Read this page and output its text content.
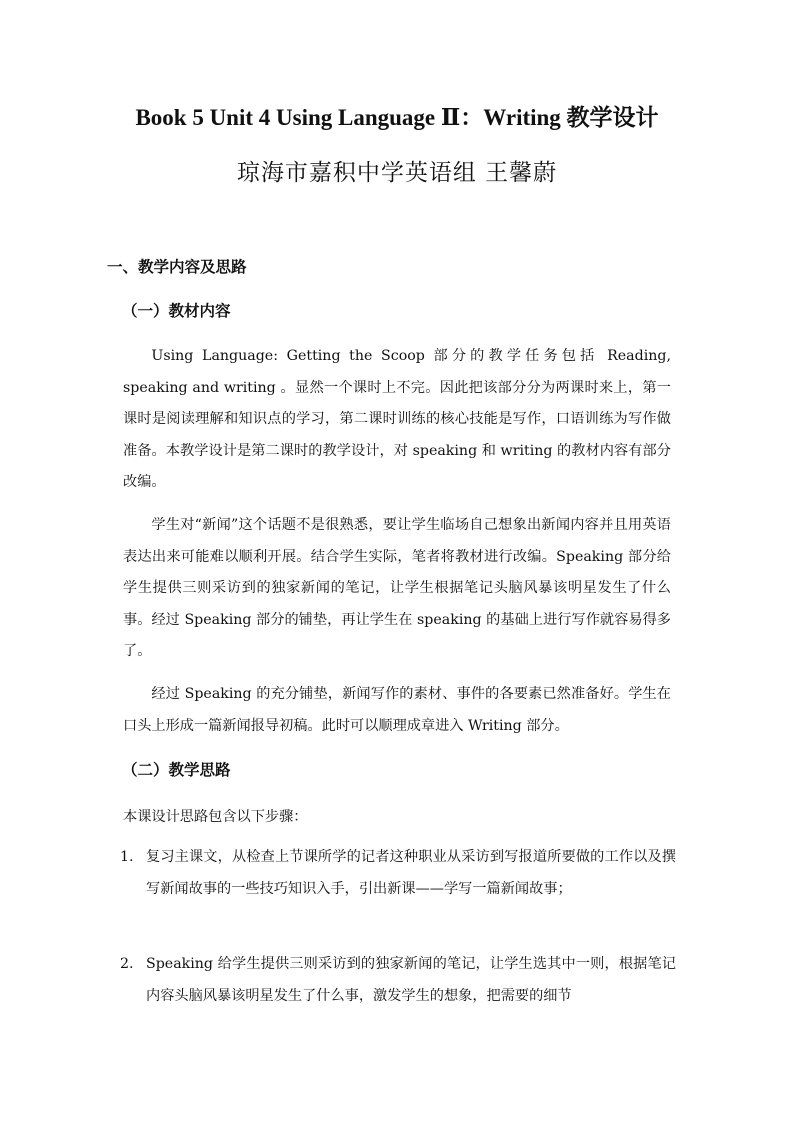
Book 5 Unit 4 Using Language Ⅱ：Writing 教学设计
琼海市嘉积中学英语组 王馨蔚
一、教学内容及思路
（一）教材内容

Using Language: Getting the Scoop 部分的教学任务包括 Reading, speaking and writing 。显然一个课时上不完。因此把该部分分为两课时来上，第一课时是阅读理解和知识点的学习，第二课时训练的核心技能是写作，口语训练为写作做准备。本教学设计是第二课时的教学设计，对 speaking 和 writing 的教材内容有部分改编。

学生对“新闻”这个话题不是很熟悉，要让学生临场自己想象出新闻内容并且用英语表达出来可能难以顺利开展。结合学生实际，笔者将教材进行改编。Speaking 部分给学生提供三则采访到的独家新闻的笔记，让学生根据笔记头脑风暴该明星发生了什么事。经过 Speaking 部分的铺垫，再让学生在 speaking 的基础上进行写作就容易得多了。

经过 Speaking 的充分铺垫，新闻写作的素材、事件的各要素已然准备好。学生在口头上形成一篇新闻报导初稿。此时可以顺理成章进入 Writing 部分。

（二）教学思路

本课设计思路包含以下步骤：

1. 复习主课文，从检查上节课所学的记者这种职业从采访到写报道所要做的工作以及撰写新闻故事的一些技巧知识入手，引出新课——学写一篇新闻故事；
2. Speaking 给学生提供三则采访到的独家新闻的笔记，让学生选其中一则，根据笔记内容头脑风暴该明星发生了什么事，激发学生的想象，把需要的细节
